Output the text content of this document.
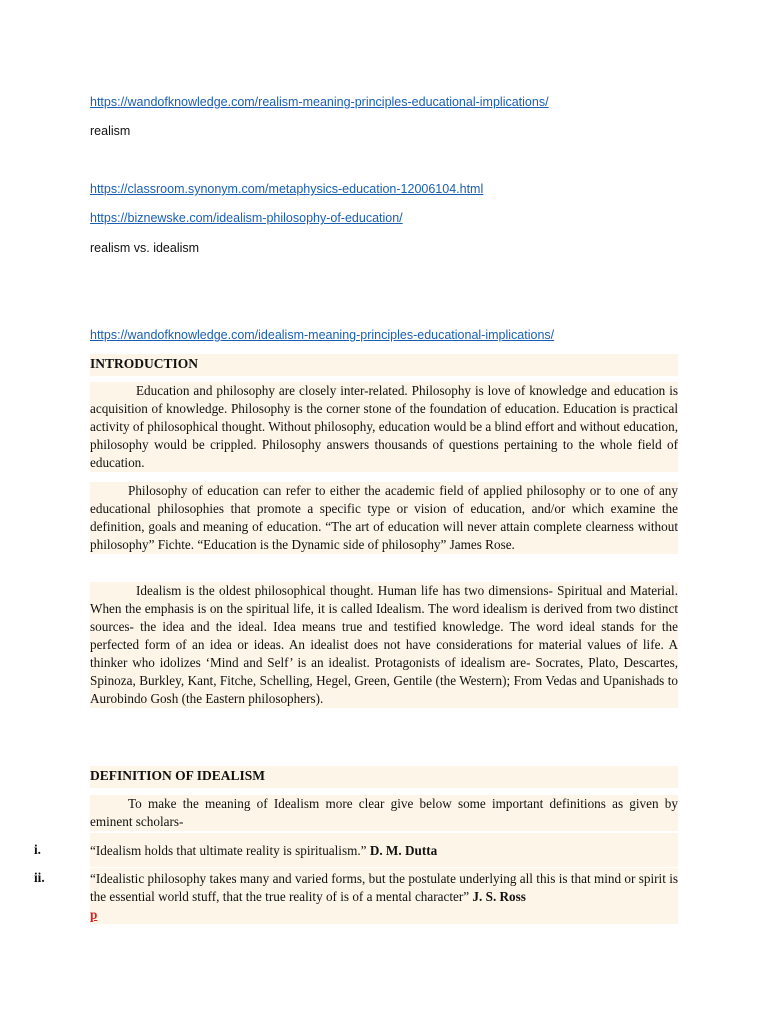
https://wandofknowledge.com/realism-meaning-principles-educational-implications/
realism
https://classroom.synonym.com/metaphysics-education-12006104.html
https://biznewske.com/idealism-philosophy-of-education/
realism vs. idealism
https://wandofknowledge.com/idealism-meaning-principles-educational-implications/
INTRODUCTION
Education and philosophy are closely inter-related. Philosophy is love of knowledge and education is acquisition of knowledge. Philosophy is the corner stone of the foundation of education. Education is practical activity of philosophical thought. Without philosophy, education would be a blind effort and without education, philosophy would be crippled. Philosophy answers thousands of questions pertaining to the whole field of education.
Philosophy of education can refer to either the academic field of applied philosophy or to one of any educational philosophies that promote a specific type or vision of education, and/or which examine the definition, goals and meaning of education. “The art of education will never attain complete clearness without philosophy” Fichte. “Education is the Dynamic side of philosophy” James Rose.
Idealism is the oldest philosophical thought. Human life has two dimensions- Spiritual and Material. When the emphasis is on the spiritual life, it is called Idealism. The word idealism is derived from two distinct sources- the idea and the ideal. Idea means true and testified knowledge. The word ideal stands for the perfected form of an idea or ideas. An idealist does not have considerations for material values of life. A thinker who idolizes ‘Mind and Self’ is an idealist. Protagonists of idealism are- Socrates, Plato, Descartes, Spinoza, Burkley, Kant, Fitche, Schelling, Hegel, Green, Gentile (the Western); From Vedas and Upanishads to Aurobindo Gosh (the Eastern philosophers).
DEFINITION OF IDEALISM
To make the meaning of Idealism more clear give below some important definitions as given by eminent scholars-
i.	“Idealism holds that ultimate reality is spiritualism.” D. M. Dutta
ii.	“Idealistic philosophy takes many and varied forms, but the postulate underlying all this is that mind or spirit is the essential world stuff, that the true reality of is of a mental character” J. S. Ross
p
